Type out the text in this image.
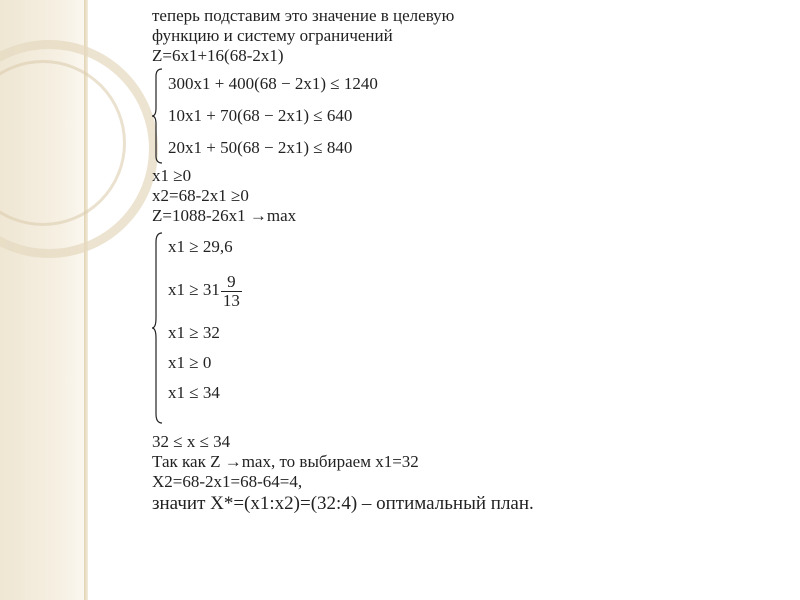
теперь подставим это значение в целевую
функцию и систему ограничений
Z=6x1+16(68-2x1)
300x1 + 400(68 − 2x1) ≤ 1240
10x1 + 70(68 − 2x1) ≤ 640
20x1 + 50(68 − 2x1) ≤ 840
x1 ≥0
x2=68-2x1 ≥0
Z=1088-26x1 →max
x1 ≥ 29,6
$x1 \ge 31 \frac{9}{13}$
x1 ≥ 32
x1 ≥ 0
x1 ≤ 34
32 ≤ x ≤ 34
Так как Z →max, то выбираем x1=32
X2=68-2x1=68-64=4,
значит X*=(x1:x2)=(32:4) – оптимальный план.
